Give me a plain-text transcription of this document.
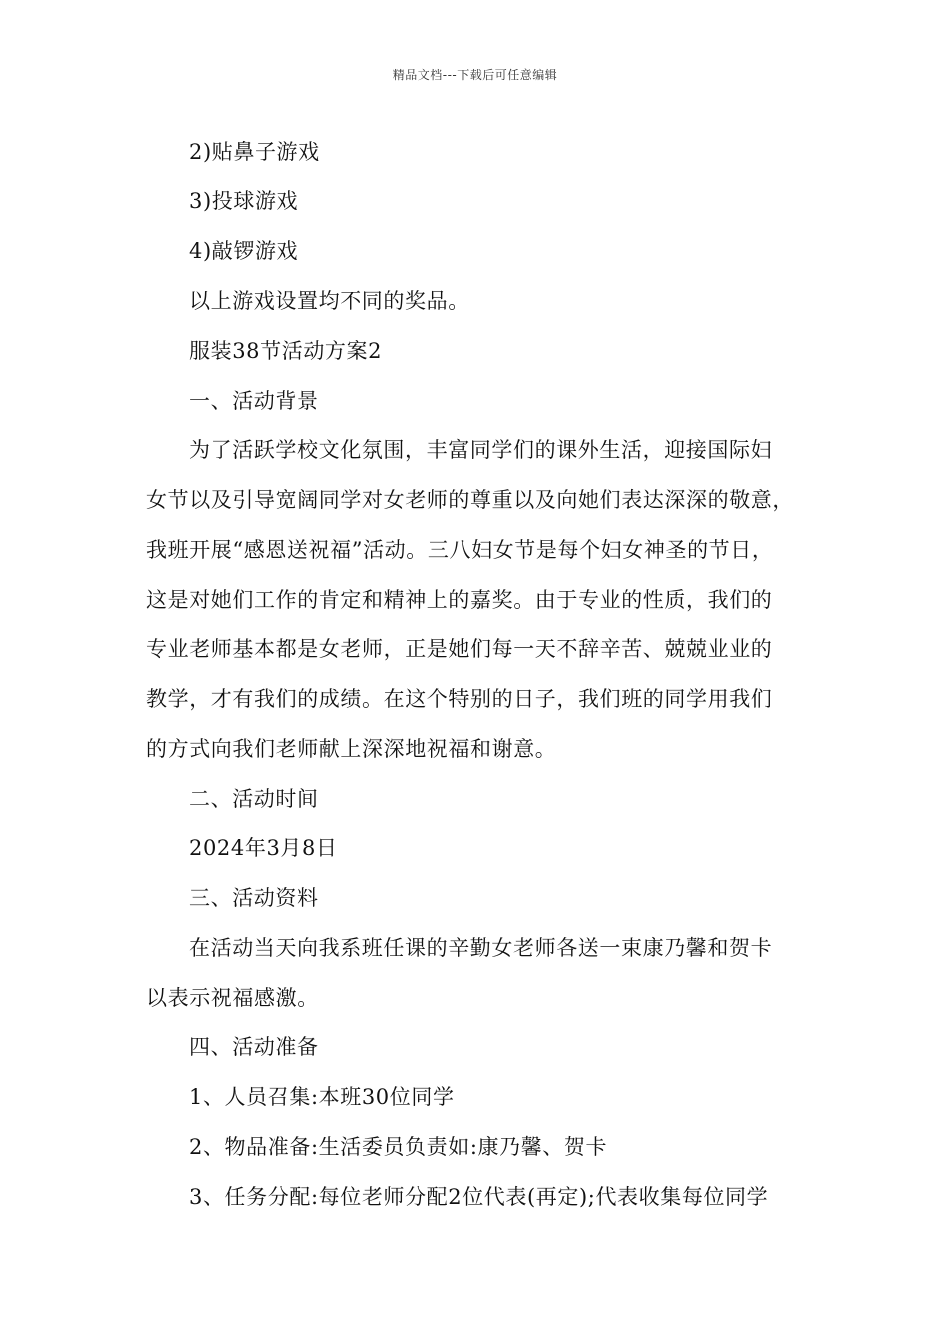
精品文档---下载后可任意编辑
2)贴鼻子游戏
3)投球游戏
4)敲锣游戏
以上游戏设置均不同的奖品。
服装38节活动方案2
一、活动背景
为了活跃学校文化氛围，丰富同学们的课外生活，迎接国际妇
女节以及引导宽阔同学对女老师的尊重以及向她们表达深深的敬意，
我班开展“感恩送祝福”活动。三八妇女节是每个妇女神圣的节日，
这是对她们工作的肯定和精神上的嘉奖。由于专业的性质，我们的
专业老师基本都是女老师，正是她们每一天不辞辛苦、兢兢业业的
教学，才有我们的成绩。在这个特别的日子，我们班的同学用我们
的方式向我们老师献上深深地祝福和谢意。
二、活动时间
2024年3月8日
三、活动资料
在活动当天向我系班任课的辛勤女老师各送一束康乃馨和贺卡
以表示祝福感激。
四、活动准备
1、人员召集:本班30位同学
2、物品准备:生活委员负责如:康乃馨、贺卡
3、任务分配:每位老师分配2位代表(再定);代表收集每位同学
